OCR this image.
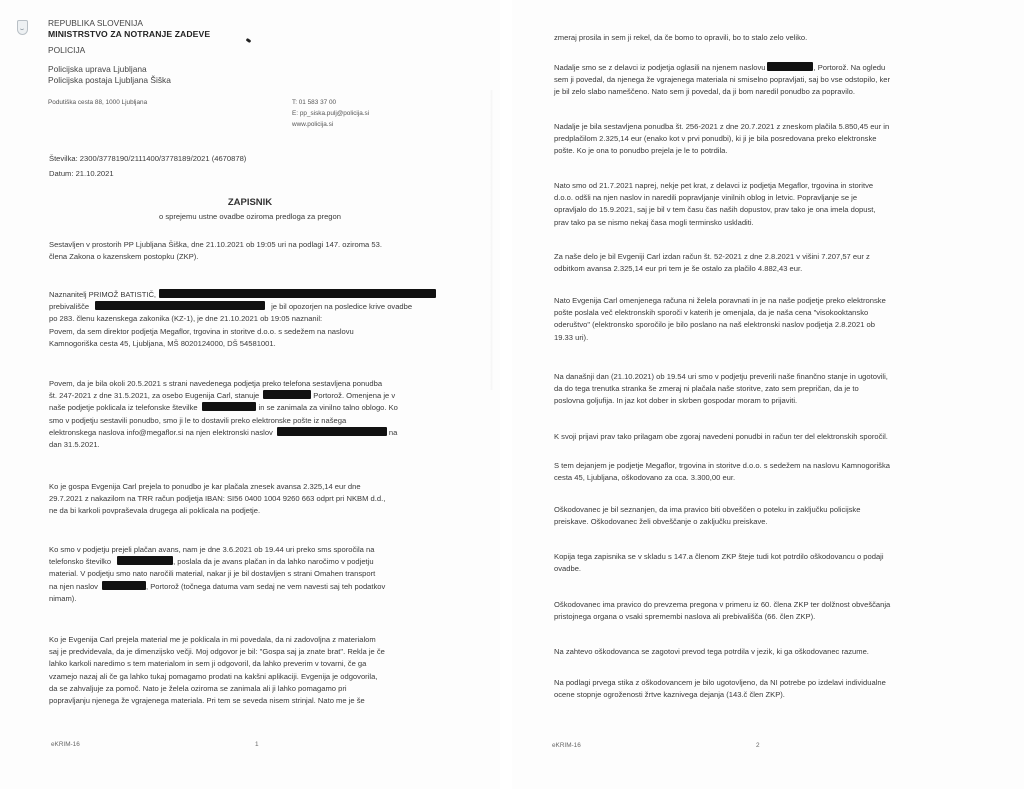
REPUBLIKA SLOVENIJA
MINISTRSTVO ZA NOTRANJE ZADEVE
POLICIJA
Policijska uprava Ljubljana
Policijska postaja Ljubljana Šiška
Podutiška cesta 88, 1000 Ljubljana	T: 01 583 37 00
E: pp_siska.pulj@policija.si
www.policija.si
Številka: 2300/3778190/2111400/3778189/2021 (4670878)
Datum: 21.10.2021
ZAPISNIK
o sprejemu ustne ovadbe oziroma predloga za pregon
Sestavljen v prostorih PP Ljubljana Šiška, dne 21.10.2021 ob 19:05 uri na podlagi 147. oziroma 53.
člena Zakona o kazenskem postopku (ZKP).
Naznanitelj PRIMOŽ BATISTIČ,
prebivališče	je bil opozorjen na posledice krive ovadbe
po 283. členu kazenskega zakonika (KZ-1), je dne 21.10.2021 ob 19:05 naznanil:
Povem, da sem direktor podjetja Megaflor, trgovina in storitve d.o.o. s sedežem na naslovu
Kamnogoriška cesta 45, Ljubljana, MŠ 8020124000, DŠ 54581001.
Povem, da je bila okoli 20.5.2021 s strani navedenega podjetja preko telefona sestavljena ponudba
št. 247-2021 z dne 31.5.2021, za osebo Eugenija Carl, stanuje	Portorož. Omenjena je v
naše podjetje poklicala iz telefonske številke	in se zanimala za vinilno talno oblogo. Ko
smo v podjetju sestavili ponudbo, smo ji le to dostavili preko elektronske pošte iz našega
elektronskega naslova info@megaflor.si na njen elektronski naslov	na
dan 31.5.2021.
Ko je gospa Evgenija Carl prejela to ponudbo je kar plačala znesek avansa 2.325,14 eur dne
29.7.2021 z nakazilom na TRR račun podjetja IBAN: SI56 0400 1004 9260 663 odprt pri NKBM d.d.,
ne da bi karkoli povpraševala drugega ali poklicala na podjetje.
Ko smo v podjetju prejeli plačan avans, nam je dne 3.6.2021 ob 19.44 uri preko sms sporočila na
telefonsko številko	, poslala da je avans plačan in da lahko naročimo v podjetju
material. V podjetju smo nato naročili material, nakar ji je bil dostavljen s strani Omahen transport
na njen naslov	, Portorož (točnega datuma vam sedaj ne vem navesti saj teh podatkov
nimam).
Ko je Evgenija Carl prejela material me je poklicala in mi povedala, da ni zadovoljna z materialom
saj je predvidevala, da je dimenzijsko večji. Moj odgovor je bil: "Gospa saj ja znate brat". Rekla je če
lahko karkoli naredimo s tem materialom in sem ji odgovoril, da lahko preverim v tovarni, če ga
vzamejo nazaj ali če ga lahko tukaj pomagamo prodati na kakšni aplikaciji. Evgenija je odgovorila,
da se zahvaljuje za pomoč. Nato je želela oziroma se zanimala ali ji lahko pomagamo pri
popravljanju njenega že vgrajenega materiala. Pri tem se seveda nisem strinjal. Nato me je še
eKRIM-16	1
zmeraj prosila in sem ji rekel, da če bomo to opravili, bo to stalo zelo veliko.
Nadalje smo se z delavci iz podjetja oglasili na njenem naslovu	, Portorož. Na ogledu
sem ji povedal, da njenega že vgrajenega materiala ni smiselno popravljati, saj bo vse odstopilo, ker
je bil zelo slabo nameščeno. Nato sem ji povedal, da ji bom naredil ponudbo za popravilo.
Nadalje je bila sestavljena ponudba št. 256-2021 z dne 20.7.2021 z zneskom plačila 5.850,45 eur in
predplačilom 2.325,14 eur (enako kot v prvi ponudbi), ki ji je bila posredovana preko elektronske
pošte. Ko je ona to ponudbo prejela je le to potrdila.
Nato smo od 21.7.2021 naprej, nekje pet krat, z delavci iz podjetja Megaflor, trgovina in storitve
d.o.o. odšli na njen naslov in naredili popravljanje vinilnih oblog in letvic. Popravljanje se je
opravljalo do 15.9.2021, saj je bil v tem času čas naših dopustov, prav tako je ona imela dopust,
prav tako pa se nismo nekaj časa mogli terminsko uskladiti.
Za naše delo je bil Evgeniji Carl izdan račun št. 52-2021 z dne 2.8.2021 v višini 7.207,57 eur z
odbitkom avansa 2.325,14 eur pri tem je še ostalo za plačilo 4.882,43 eur.
Nato Evgenija Carl omenjenega računa ni želela poravnati in je na naše podjetje preko elektronske
pošte poslala več elektronskih sporoči v katerih je omenjala, da je naša cena "visokooktansko
oderuštvo" (elektronsko sporočilo je bilo poslano na naš elektronski naslov podjetja 2.8.2021 ob
19.33 uri).
Na današnji dan (21.10.2021) ob 19.54 uri smo v podjetju preverili naše finančno stanje in ugotovili,
da do tega trenutka stranka še zmeraj ni plačala naše storitve, zato sem prepričan, da je to
poslovna goljufija. In jaz kot dober in skrben gospodar moram to prijaviti.
K svoji prijavi prav tako prilagam obe zgoraj navedeni ponudbi in račun ter del elektronskih sporočil.
S tem dejanjem je podjetje Megaflor, trgovina in storitve d.o.o. s sedežem na naslovu Kamnogoriška
cesta 45, Ljubljana, oškodovano za cca. 3.300,00 eur.
Oškodovanec je bil seznanjen, da ima pravico biti obveščen o poteku in zaključku policijske
preiskave. Oškodovanec želi obveščanje o zaključku preiskave.
Kopija tega zapisnika se v skladu s 147.a členom ZKP šteje tudi kot potrdilo oškodovancu o podaji
ovadbe.
Oškodovanec ima pravico do prevzema pregona v primeru iz 60. člena ZKP ter dolžnost obveščanja
pristojnega organa o vsaki spremembi naslova ali prebivališča (66. člen ZKP).
Na zahtevo oškodovanca se zagotovi prevod tega potrdila v jezik, ki ga oškodovanec razume.
Na podlagi prvega stika z oškodovancem je bilo ugotovljeno, da NI potrebe po izdelavi individualne
ocene stopnje ogroženosti žrtve kaznivega dejanja (143.č člen ZKP).
eKRIM-16	2
